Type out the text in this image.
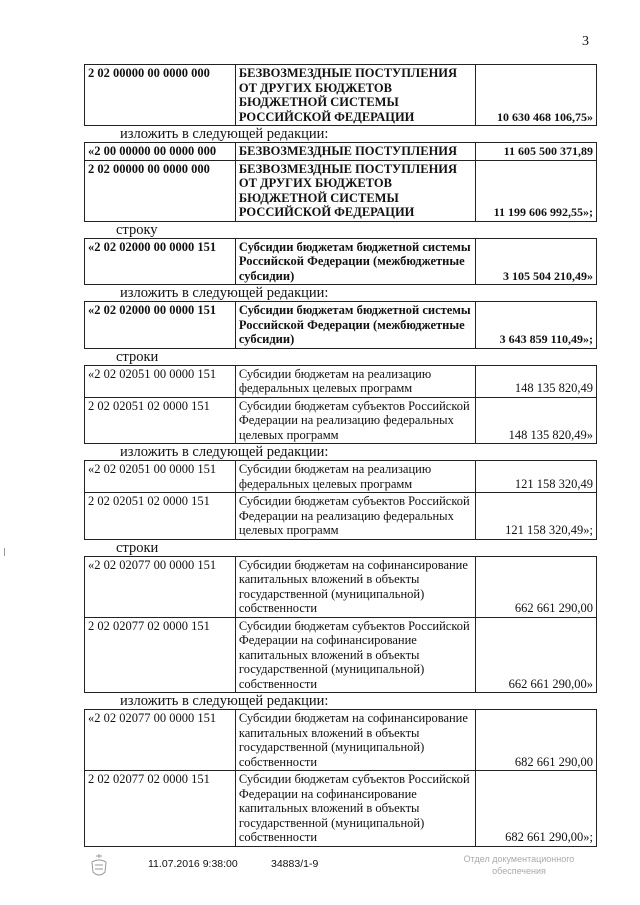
3
2 02 00000 00 0000 000	БЕЗВОЗМЕЗДНЫЕ ПОСТУПЛЕНИЯ ОТ ДРУГИХ БЮДЖЕТОВ БЮДЖЕТНОЙ СИСТЕМЫ РОССИЙСКОЙ ФЕДЕРАЦИИ	10 630 468 106,75»
изложить в следующей редакции:
«2 00 00000 00 0000 000	БЕЗВОЗМЕЗДНЫЕ ПОСТУПЛЕНИЯ	11 605 500 371,89
2 02 00000 00 0000 000	БЕЗВОЗМЕЗДНЫЕ ПОСТУПЛЕНИЯ ОТ ДРУГИХ БЮДЖЕТОВ БЮДЖЕТНОЙ СИСТЕМЫ РОССИЙСКОЙ ФЕДЕРАЦИИ	11 199 606 992,55»;
строку
«2 02 02000 00 0000 151	Субсидии бюджетам бюджетной системы Российской Федерации (межбюджетные субсидии)	3 105 504 210,49»
изложить в следующей редакции:
«2 02 02000 00 0000 151	Субсидии бюджетам бюджетной системы Российской Федерации (межбюджетные субсидии)	3 643 859 110,49»;
строки
«2 02 02051 00 0000 151	Субсидии бюджетам на реализацию федеральных целевых программ	148 135 820,49
2 02 02051 02 0000 151	Субсидии бюджетам субъектов Российской Федерации на реализацию федеральных целевых программ	148 135 820,49»
изложить в следующей редакции:
«2 02 02051 00 0000 151	Субсидии бюджетам на реализацию федеральных целевых программ	121 158 320,49
2 02 02051 02 0000 151	Субсидии бюджетам субъектов Российской Федерации на реализацию федеральных целевых программ	121 158 320,49»;
строки
«2 02 02077 00 0000 151	Субсидии бюджетам на софинансирование капитальных вложений в объекты государственной (муниципальной) собственности	662 661 290,00
2 02 02077 02 0000 151	Субсидии бюджетам субъектов Российской Федерации на софинансирование капитальных вложений в объекты государственной (муниципальной) собственности	662 661 290,00»
изложить в следующей редакции:
«2 02 02077 00 0000 151	Субсидии бюджетам на софинансирование капитальных вложений в объекты государственной (муниципальной) собственности	682 661 290,00
2 02 02077 02 0000 151	Субсидии бюджетам субъектов Российской Федерации на софинансирование капитальных вложений в объекты государственной (муниципальной) собственности	682 661 290,00»;
11.07.2016 9:38:00	34883/1-9	Отдел документационного
обеспечения
